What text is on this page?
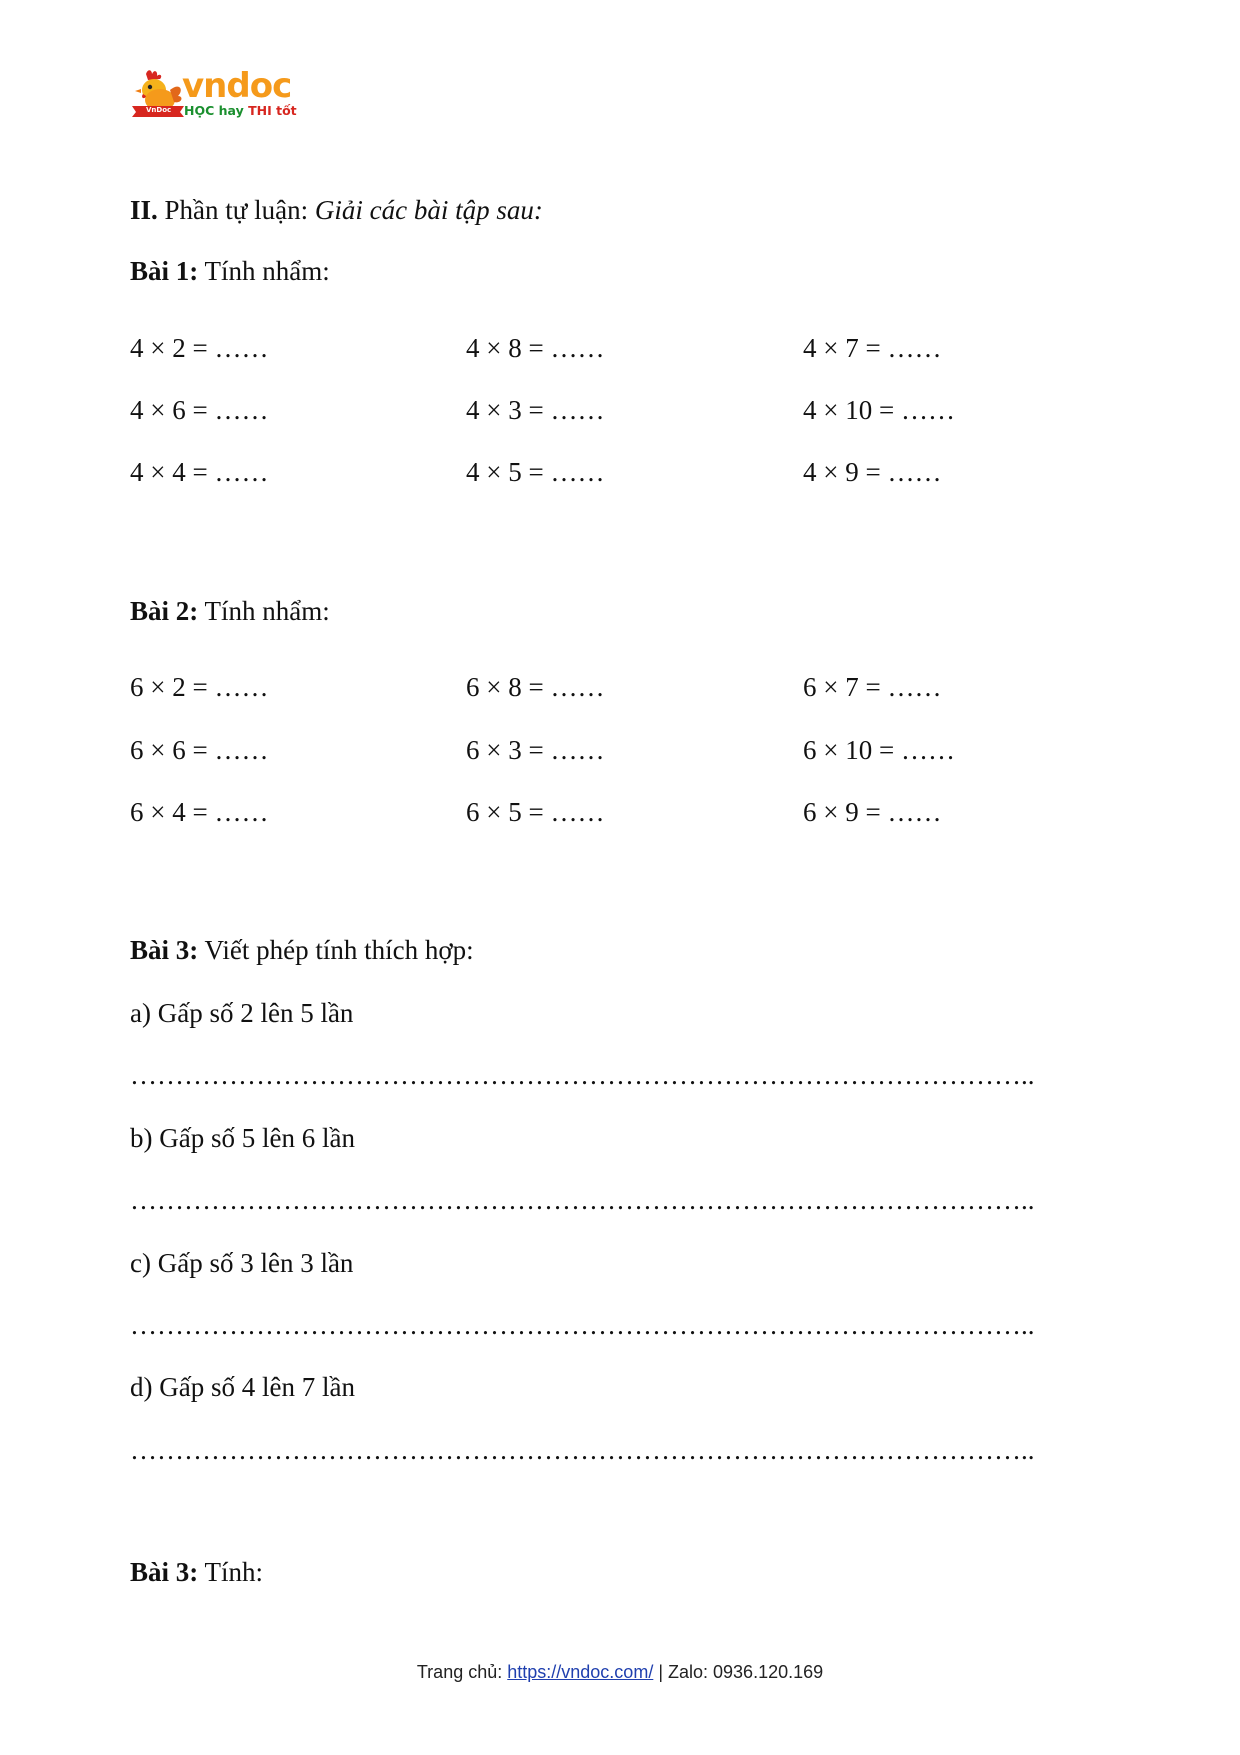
VnDoc
vndoc
HỌC hay THI tốt
II. Phần tự luận: Giải các bài tập sau:
Bài 1: Tính nhẩm:
4 × 2 = ……	4 × 8 = ……	4 × 7 = ……
4 × 6 = ……	4 × 3 = ……	4 × 10 = ……
4 × 4 = ……	4 × 5 = ……	4 × 9 = ……
Bài 2: Tính nhẩm:
6 × 2 = ……	6 × 8 = ……	6 × 7 = ……
6 × 6 = ……	6 × 3 = ……	6 × 10 = ……
6 × 4 = ……	6 × 5 = ……	6 × 9 = ……
Bài 3: Viết phép tính thích hợp:
a) Gấp số 2 lên 5 lần
………………………………………………………………………………………..
b) Gấp số 5 lên 6 lần
………………………………………………………………………………………..
c) Gấp số 3 lên 3 lần
………………………………………………………………………………………..
d) Gấp số 4 lên 7 lần
………………………………………………………………………………………..
Bài 3: Tính:
Trang chủ: https://vndoc.com/ | Zalo: 0936.120.169
